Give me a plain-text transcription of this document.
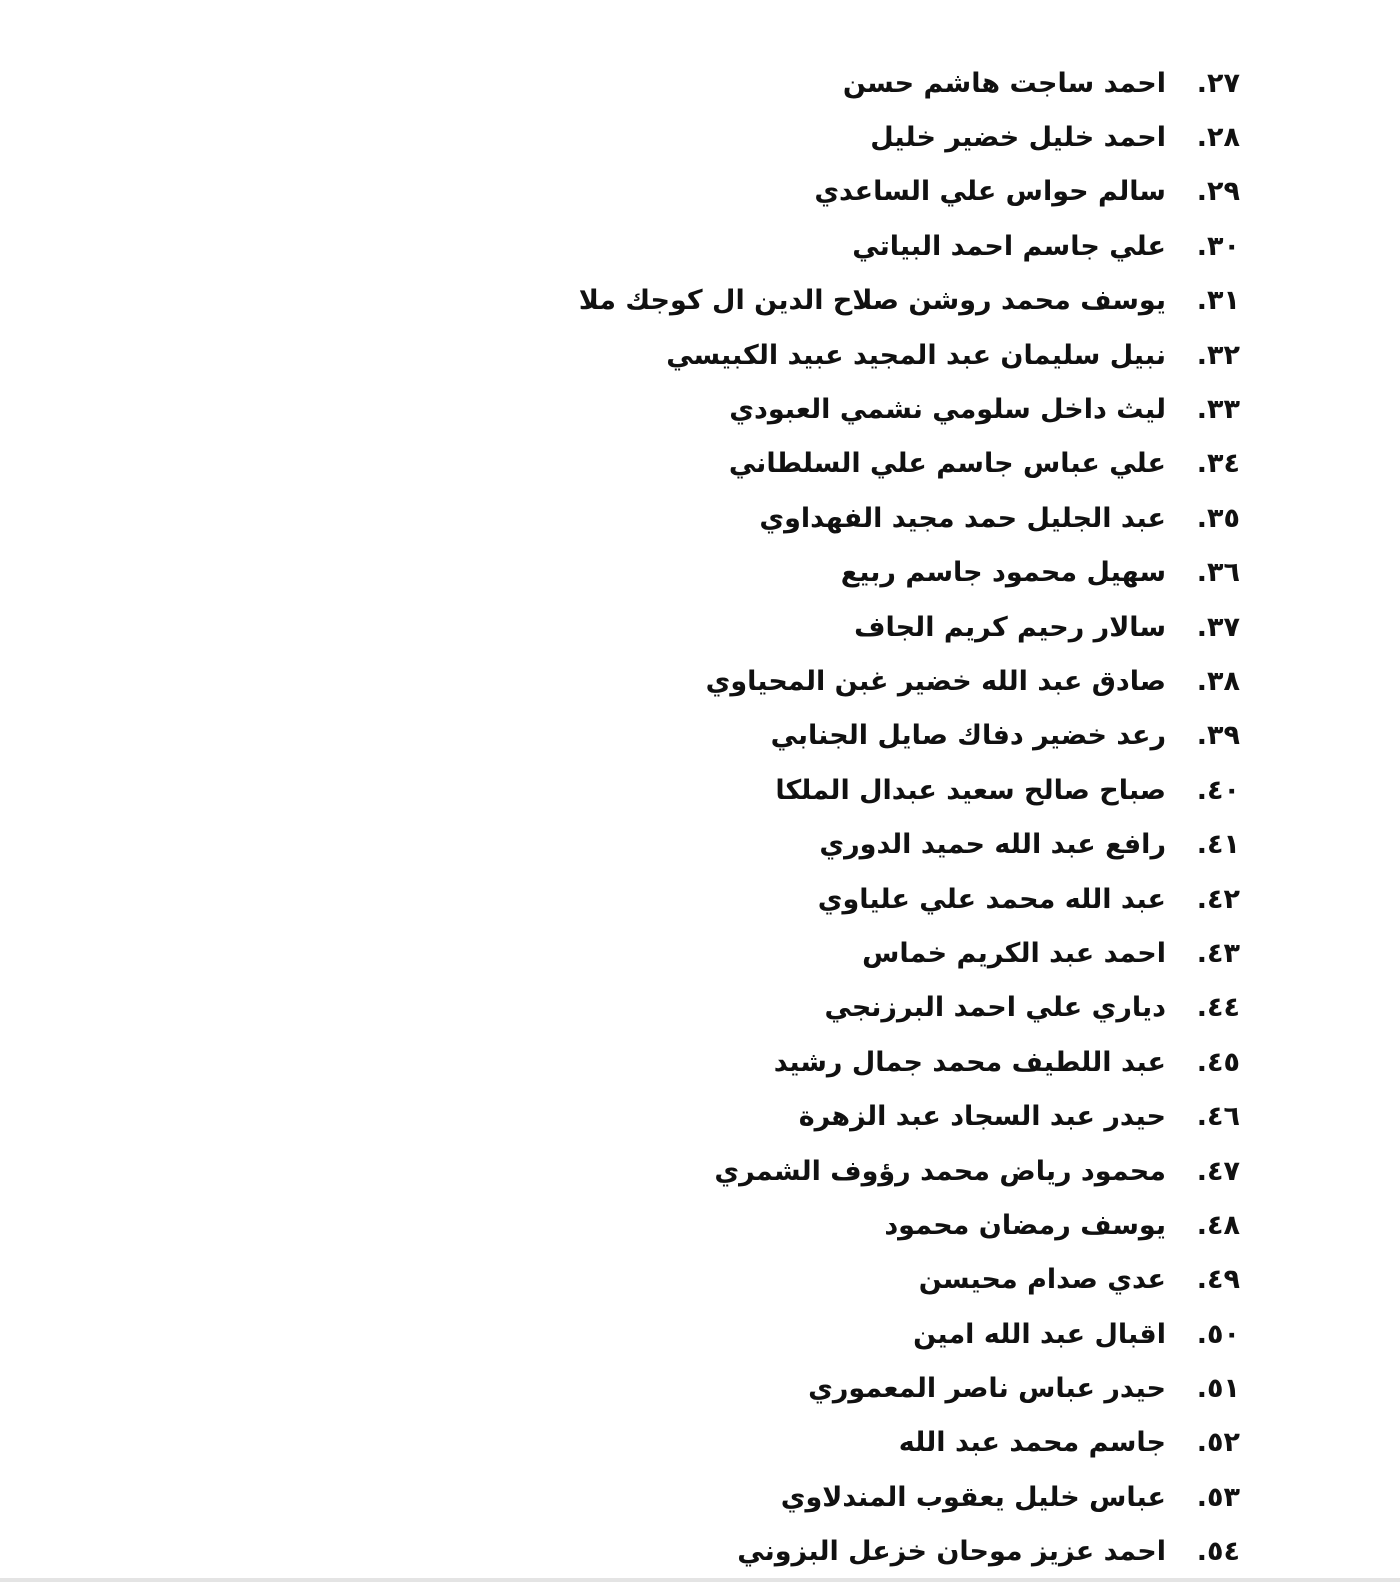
٢٧.
احمد ساجت هاشم حسن
٢٨.
احمد خليل خضير خليل
٢٩.
سالم حواس علي الساعدي
٣٠.
علي جاسم احمد البياتي
٣١.
يوسف محمد روشن صلاح الدين ال كوجك ملا
٣٢.
نبيل سليمان عبد المجيد عبيد الكبيسي
٣٣.
ليث داخل سلومي نشمي العبودي
٣٤.
علي عباس جاسم علي السلطاني
٣٥.
عبد الجليل حمد مجيد الفهداوي
٣٦.
سهيل محمود جاسم ربيع
٣٧.
سالار رحيم كريم الجاف
٣٨.
صادق عبد الله خضير غبن المحياوي
٣٩.
رعد خضير دفاك صايل الجنابي
٤٠.
صباح صالح سعيد عبدال الملكا
٤١.
رافع عبد الله حميد الدوري
٤٢.
عبد الله محمد علي علياوي
٤٣.
احمد عبد الكريم خماس
٤٤.
دياري علي احمد البرزنجي
٤٥.
عبد اللطيف محمد جمال رشيد
٤٦.
حيدر عبد السجاد عبد الزهرة
٤٧.
محمود رياض محمد رؤوف الشمري
٤٨.
يوسف رمضان محمود
٤٩.
عدي صدام محيسن
٥٠.
اقبال عبد الله امين
٥١.
حيدر عباس ناصر المعموري
٥٢.
جاسم محمد عبد الله
٥٣.
عباس خليل يعقوب المندلاوي
٥٤.
احمد عزيز موحان خزعل البزوني
